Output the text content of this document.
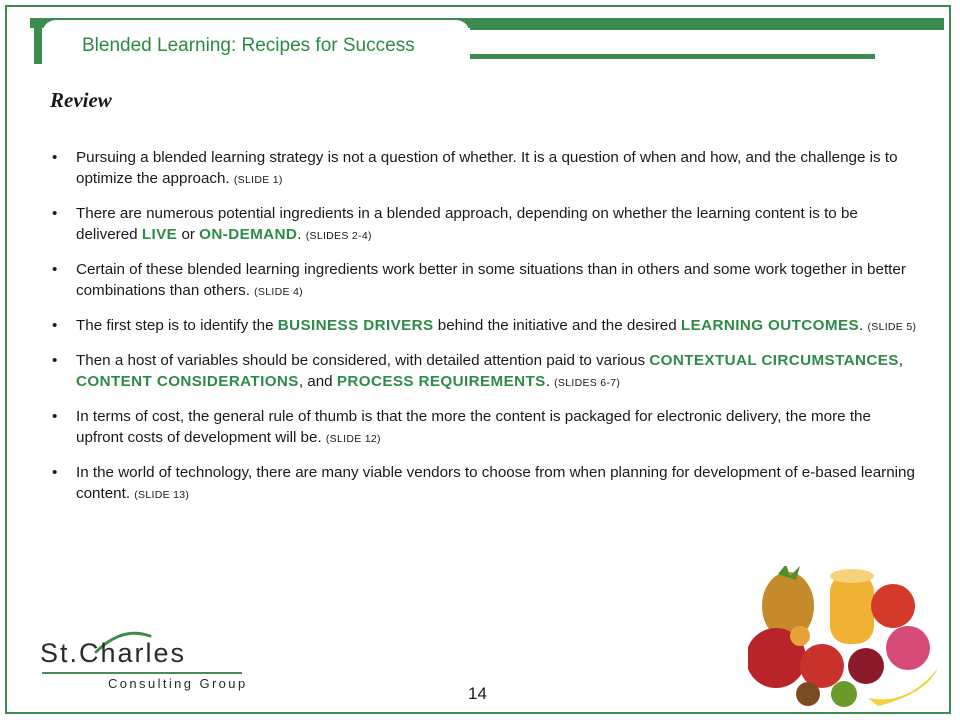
Blended Learning: Recipes for Success
Review
• Pursuing a blended learning strategy is not a question of whether. It is a question of when and how, and the challenge is to optimize the approach. (SLIDE 1)
• There are numerous potential ingredients in a blended approach, depending on whether the learning content is to be delivered LIVE or ON-DEMAND. (SLIDES 2-4)
• Certain of these blended learning ingredients work better in some situations than in others and some work together in better combinations than others. (SLIDE 4)
• The first step is to identify the BUSINESS DRIVERS behind the initiative and the desired LEARNING OUTCOMES. (SLIDE 5)
• Then a host of variables should be considered, with detailed attention paid to various CONTEXTUAL CIRCUMSTANCES, CONTENT CONSIDERATIONS, and PROCESS REQUIREMENTS. (SLIDES 6-7)
• In terms of cost, the general rule of thumb is that the more the content is packaged for electronic delivery, the more the upfront costs of development will be. (SLIDE 12)
• In the world of technology, there are many viable vendors to choose from when planning for development of e-based learning content. (SLIDE 13)
14
St.Charles
Consulting Group
